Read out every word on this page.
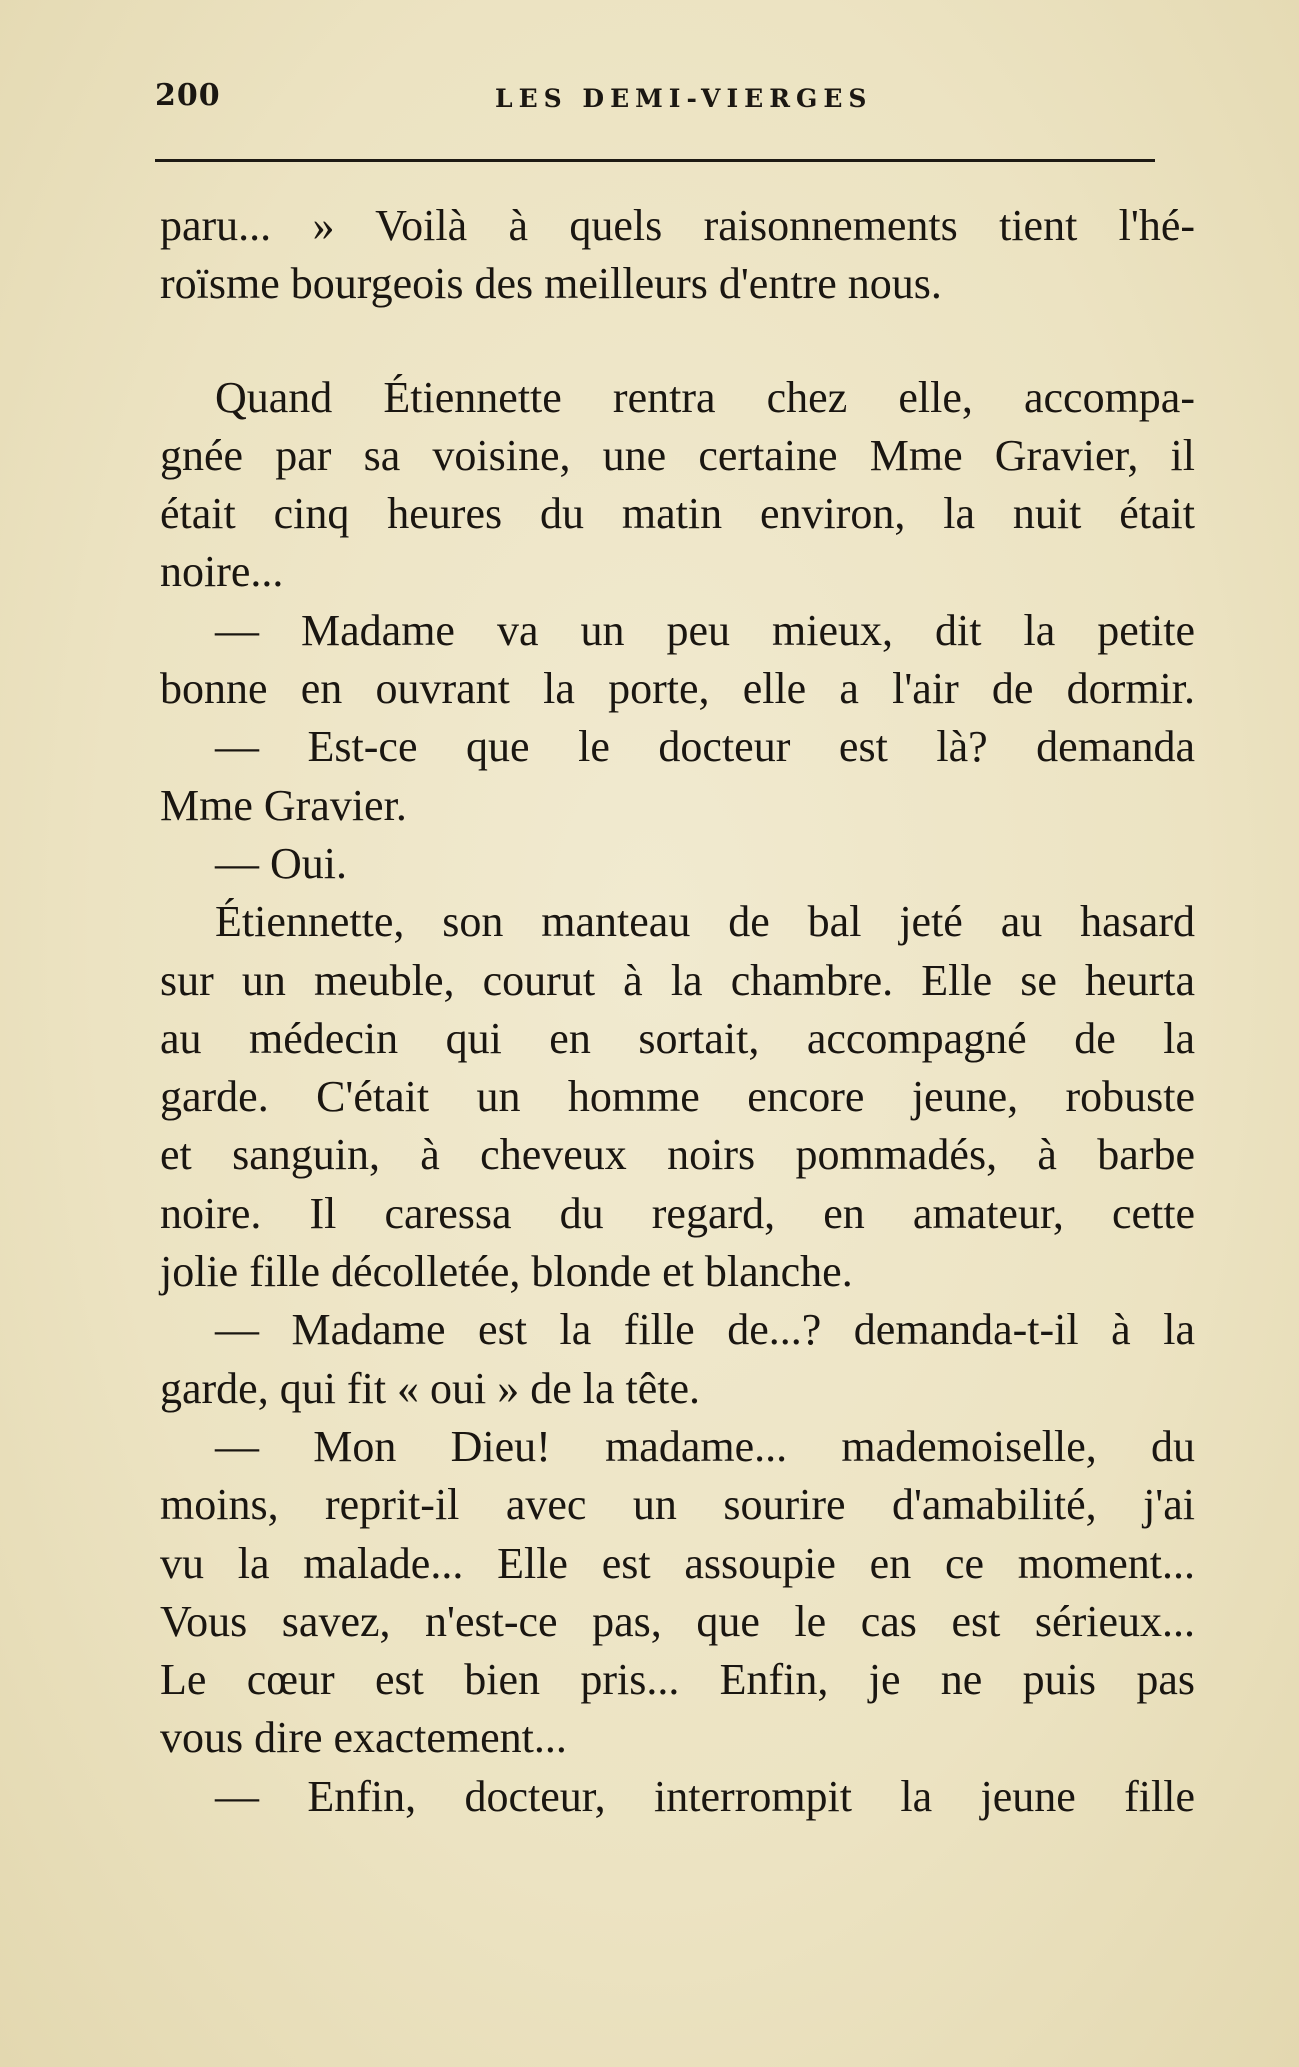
200	LES DEMI-VIERGES
paru... » Voilà à quels raisonnements tient l'hé-
roïsme bourgeois des meilleurs d'entre nous.
Quand Étiennette rentra chez elle, accompa-
gnée par sa voisine, une certaine Mme Gravier, il
était cinq heures du matin environ, la nuit était
noire...
— Madame va un peu mieux, dit la petite
bonne en ouvrant la porte, elle a l'air de dormir.
— Est-ce que le docteur est là? demanda
Mme Gravier.
— Oui.
Étiennette, son manteau de bal jeté au hasard
sur un meuble, courut à la chambre. Elle se heurta
au médecin qui en sortait, accompagné de la
garde. C'était un homme encore jeune, robuste
et sanguin, à cheveux noirs pommadés, à barbe
noire. Il caressa du regard, en amateur, cette
jolie fille décolletée, blonde et blanche.
— Madame est la fille de...? demanda-t-il à la
garde, qui fit « oui » de la tête.
— Mon Dieu! madame... mademoiselle, du
moins, reprit-il avec un sourire d'amabilité, j'ai
vu la malade... Elle est assoupie en ce moment...
Vous savez, n'est-ce pas, que le cas est sérieux...
Le cœur est bien pris... Enfin, je ne puis pas
vous dire exactement...
— Enfin, docteur, interrompit la jeune fille
